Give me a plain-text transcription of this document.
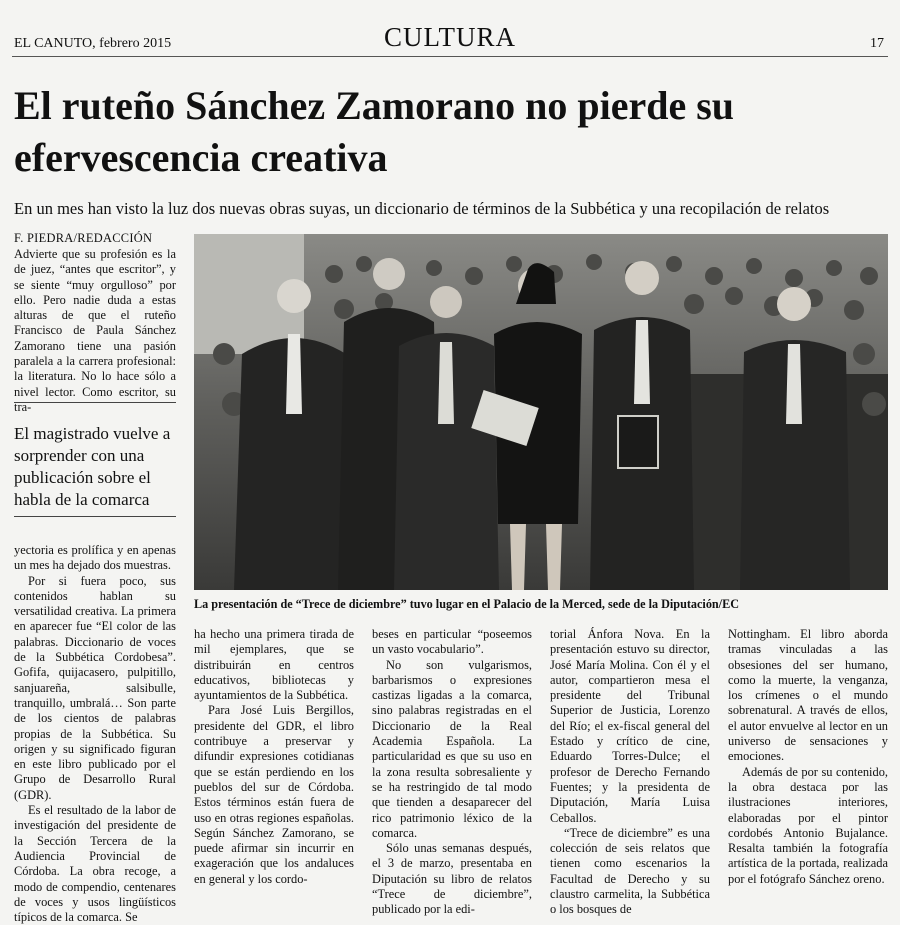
EL CANUTO, febrero 2015	CULTURA	17
El ruteño Sánchez Zamorano no pierde su efervescencia creativa
En un mes han visto la luz dos nuevas obras suyas, un diccionario de términos de la Subbética y una recopilación de relatos
F. PIEDRA/REDACCIÓN

Advierte que su profesión es la de juez, “antes que escritor”, y se siente “muy orgulloso” por ello. Pero nadie duda a estas alturas de que el ruteño Francisco de Paula Sánchez Zamorano tiene una pasión paralela a la carrera profesional: la literatura. No lo hace sólo a nivel lector. Como escritor, su tra-

El magistrado vuelve a sorprender con una publicación sobre el habla de la comarca

yectoria es prolífica y en apenas un mes ha dejado dos muestras.

Por si fuera poco, sus contenidos hablan su versatilidad creativa. La primera en aparecer fue “El color de las palabras. Diccionario de voces de la Subbética Cordobesa”. Gofifa, quijacasero, pulpitillo, sanjuareña, salsibulle, tranquillo, umbralá… Son parte de los cientos de palabras propias de la Subbética. Su origen y su significado figuran en este libro publicado por el Grupo de Desarrollo Rural (GDR).

Es el resultado de la labor de investigación del presidente de la Sección Tercera de la Audiencia Provincial de Córdoba. La obra recoge, a modo de compendio, centenares de voces y usos lingüísticos típicos de la comarca. Se

La presentación de “Trece de diciembre” tuvo lugar en el Palacio de la Merced, sede de la Diputación/EC

ha hecho una primera tirada de mil ejemplares, que se distribuirán en centros educativos, bibliotecas y ayuntamientos de la Subbética.

Para José Luis Bergillos, presidente del GDR, el libro contribuye a preservar y difundir expresiones cotidianas que se están perdiendo en los pueblos del sur de Córdoba. Estos términos están fuera de uso en otras regiones españolas. Según Sánchez Zamorano, se puede afirmar sin incurrir en exageración que los andaluces en general y los cordo-

beses en particular “poseemos un vasto vocabulario”.

No son vulgarismos, barbarismos o expresiones castizas ligadas a la comarca, sino palabras registradas en el Diccionario de la Real Academia Española. La particularidad es que su uso en la zona resulta sobresaliente y se ha restringido de tal modo que tienden a desaparecer del rico patrimonio léxico de la comarca.

Sólo unas semanas después, el 3 de marzo, presentaba en Diputación su libro de relatos “Trece de diciembre”, publicado por la edi-

torial Ánfora Nova. En la presentación estuvo su director, José María Molina. Con él y el autor, compartieron mesa el presidente del Tribunal Superior de Justicia, Lorenzo del Río; el ex-fiscal general del Estado y crítico de cine, Eduardo Torres-Dulce; el profesor de Derecho Fernando Fuentes; y la presidenta de Diputación, María Luisa Ceballos.

“Trece de diciembre” es una colección de seis relatos que tienen como escenarios la Facultad de Derecho y su claustro carmelita, la Subbética o los bosques de

Nottingham. El libro aborda tramas vinculadas a las obsesiones del ser humano, como la muerte, la venganza, los crímenes o el mundo sobrenatural. A través de ellos, el autor envuelve al lector en un universo de sensaciones y emociones.

Además de por su contenido, la obra destaca por las ilustraciones interiores, elaboradas por el pintor cordobés Antonio Bujalance. Resalta también la fotografía artística de la portada, realizada por el fotógrafo Sánchez oreno.
